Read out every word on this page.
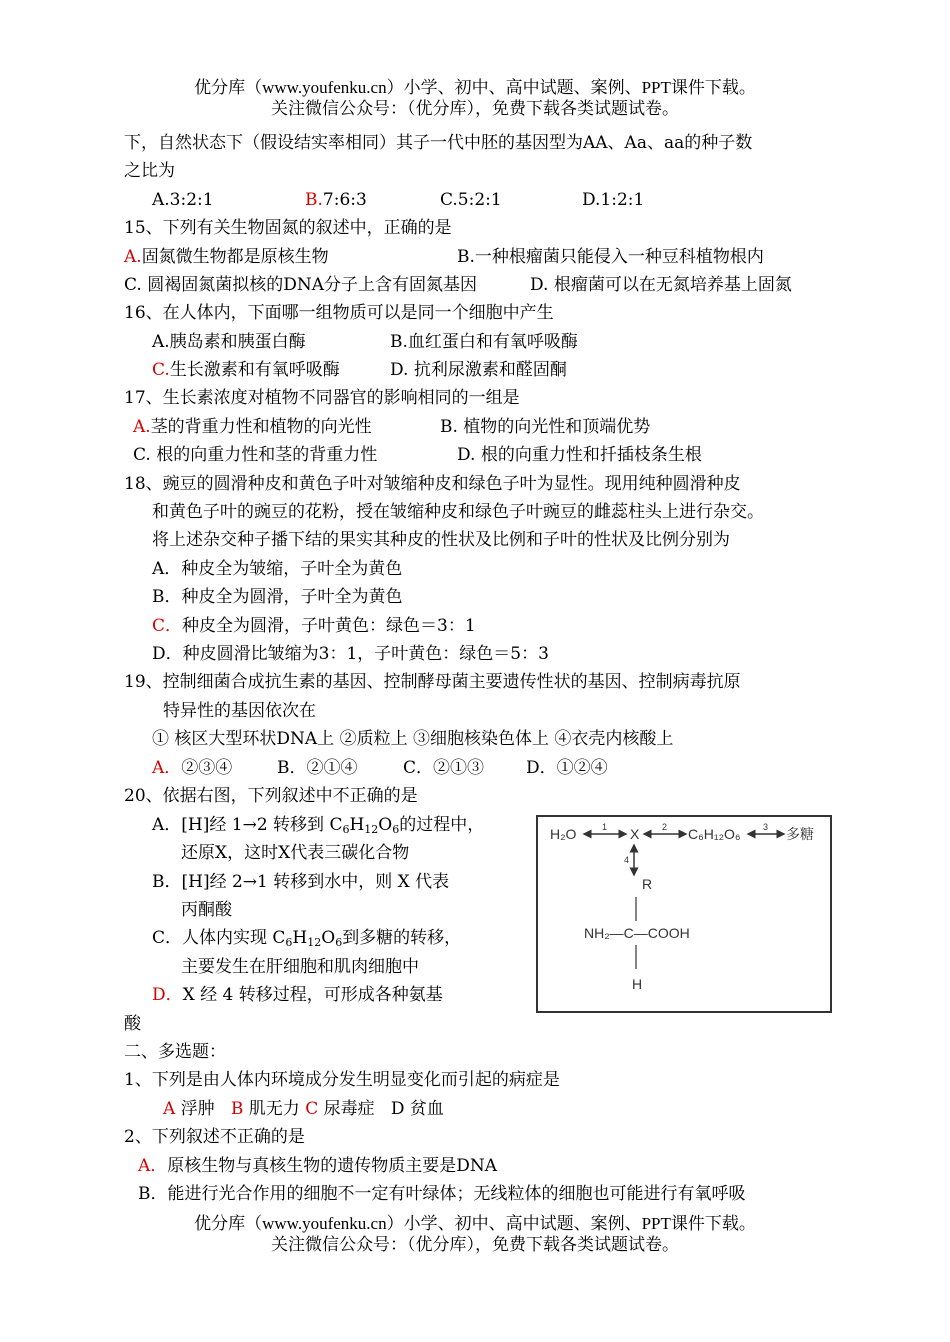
优分库（www.youfenku.cn）小学、初中、高中试题、案例、PPT课件下载。
关注微信公众号：（优分库），免费下载各类试题试卷。
下，自然状态下（假设结实率相同）其子一代中胚的基因型为AA、Aa、aa的种子数
之比为
A.3:2:1	B.7:6:3	C.5:2:1	D.1:2:1
15、下列有关生物固氮的叙述中，正确的是
A.固氮微生物都是原核生物	B.一种根瘤菌只能侵入一种豆科植物根内
C. 圆褐固氮菌拟核的DNA分子上含有固氮基因	D. 根瘤菌可以在无氮培养基上固氮
16、在人体内，下面哪一组物质可以是同一个细胞中产生
A.胰岛素和胰蛋白酶	B.血红蛋白和有氧呼吸酶
C.生长激素和有氧呼吸酶	D. 抗利尿激素和醛固酮
17、生长素浓度对植物不同器官的影响相同的一组是
A.茎的背重力性和植物的向光性	B. 植物的向光性和顶端优势
C. 根的向重力性和茎的背重力性	D. 根的向重力性和扦插枝条生根
18、豌豆的圆滑种皮和黄色子叶对皱缩种皮和绿色子叶为显性。现用纯种圆滑种皮
和黄色子叶的豌豆的花粉，授在皱缩种皮和绿色子叶豌豆的雌蕊柱头上进行杂交。
将上述杂交种子播下结的果实其种皮的性状及比例和子叶的性状及比例分别为
A．种皮全为皱缩，子叶全为黄色
B．种皮全为圆滑，子叶全为黄色
C．种皮全为圆滑，子叶黄色：绿色＝3：1
D．种皮圆滑比皱缩为3：1，子叶黄色：绿色＝5：3
19、控制细菌合成抗生素的基因、控制酵母菌主要遗传性状的基因、控制病毒抗原
特异性的基因依次在
① 核区大型环状DNA上 ②质粒上 ③细胞核染色体上 ④衣壳内核酸上
A．②③④	B．②①④	C．②①③ D．①②④
20、依据右图，下列叙述中不正确的是
A．[H]经 1→2 转移到 $C_6H_{12}O_6$的过程中，
还原X，这时X代表三碳化合物
B．[H]经 2→1 转移到水中，则 X 代表
丙酮酸
C．人体内实现 $C_6H_{12}O_6$到多糖的转移，
主要发生在肝细胞和肌肉细胞中
D．X 经 4 转移过程，可形成各种氨基
酸
H₂O	1 X	2 C₆H₁₂O₆ 3 多糖
4
R
NH₂—C—COOH
H
二、多选题：
1、下列是由人体内环境成分发生明显变化而引起的病症是
A 浮肿 B 肌无力 C 尿毒症 D 贫血
2、下列叙述不正确的是
A．原核生物与真核生物的遗传物质主要是DNA
B．能进行光合作用的细胞不一定有叶绿体；无线粒体的细胞也可能进行有氧呼吸
优分库（www.youfenku.cn）小学、初中、高中试题、案例、PPT课件下载。
关注微信公众号：（优分库），免费下载各类试题试卷。
